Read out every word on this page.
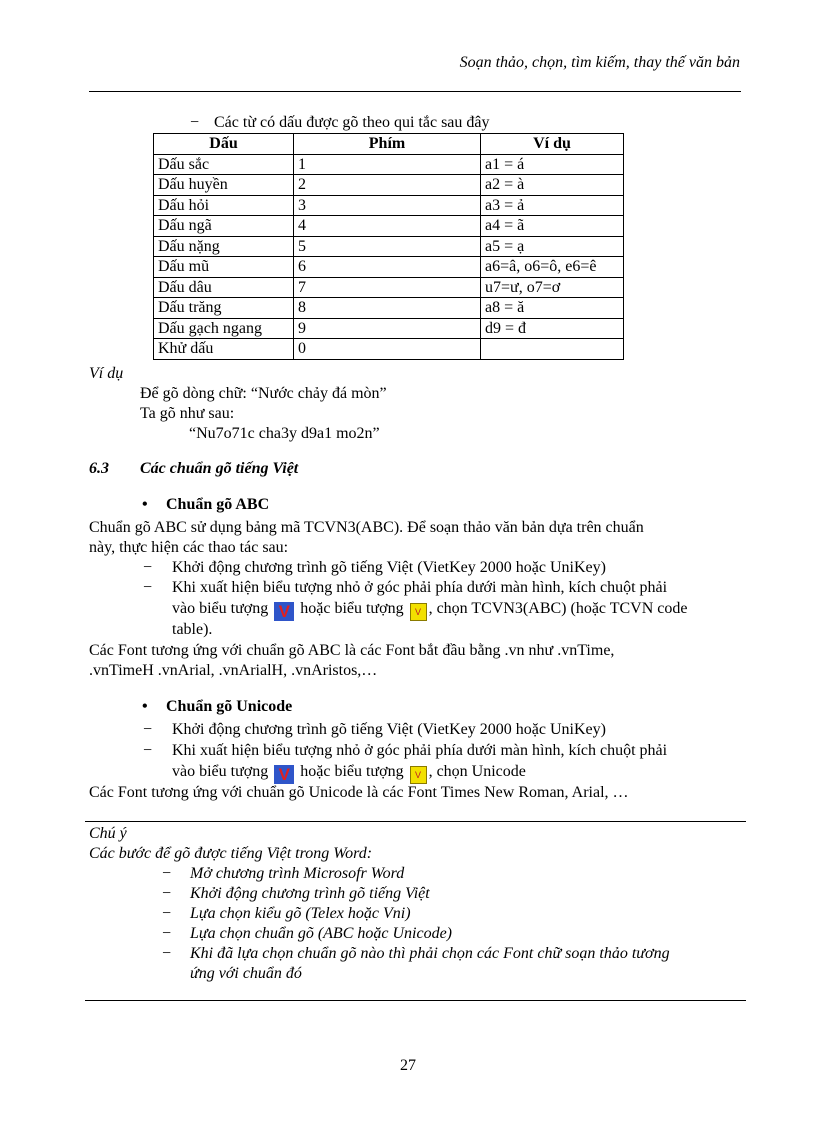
Soạn thảo, chọn, tìm kiếm, thay thế văn bản
− Các từ có dấu được gõ theo qui tắc sau đây
Dấu	Phím	Ví dụ
Dấu sắc	1	a1 = á
Dấu huyền	2	a2 = à
Dấu hỏi	3	a3 = ả
Dấu ngã	4	a4 = ã
Dấu nặng	5	a5 = ạ
Dấu mũ	6	a6=â, o6=ô, e6=ê
Dấu dâu	7	u7=ư, o7=ơ
Dấu trăng	8	a8 = ă
Dấu gạch ngang	9	d9 = đ
Khử dấu	0	
Ví dụ
Để gõ dòng chữ: “Nước chảy đá mòn”
Ta gõ như sau:
“Nu7o71c cha3y d9a1 mo2n”
6.3 Các chuẩn gõ tiếng Việt
• Chuẩn gõ ABC
Chuẩn gõ ABC sử dụng bảng mã TCVN3(ABC). Để soạn thảo văn bản dựa trên chuẩn
này, thực hiện các thao tác sau:
− Khởi động chương trình gõ tiếng Việt (VietKey 2000 hoặc UniKey)
− Khi xuất hiện biểu tượng nhỏ ở góc phải phía dưới màn hình, kích chuột phải
vào biểu tượng V hoặc biểu tượng V , chọn TCVN3(ABC) (hoặc TCVN code
table).
Các Font tương ứng với chuẩn gõ ABC là các Font bắt đầu bằng .vn như .vnTime,
.vnTimeH .vnArial, .vnArialH, .vnAristos,…
• Chuẩn gõ Unicode
− Khởi động chương trình gõ tiếng Việt (VietKey 2000 hoặc UniKey)
− Khi xuất hiện biểu tượng nhỏ ở góc phải phía dưới màn hình, kích chuột phải
vào biểu tượng V hoặc biểu tượng V , chọn Unicode
Các Font tương ứng với chuẩn gõ Unicode là các Font Times New Roman, Arial, …
Chú ý
Các bước để gõ được tiếng Việt trong Word:
− Mở chương trình Microsofr Word
− Khởi động chương trình gõ tiếng Việt
− Lựa chọn kiểu gõ (Telex hoặc Vni)
− Lựa chọn chuẩn gõ (ABC hoặc Unicode)
− Khi đã lựa chọn chuẩn gõ nào thì phải chọn các Font chữ soạn thảo tương
ứng với chuẩn đó
27
